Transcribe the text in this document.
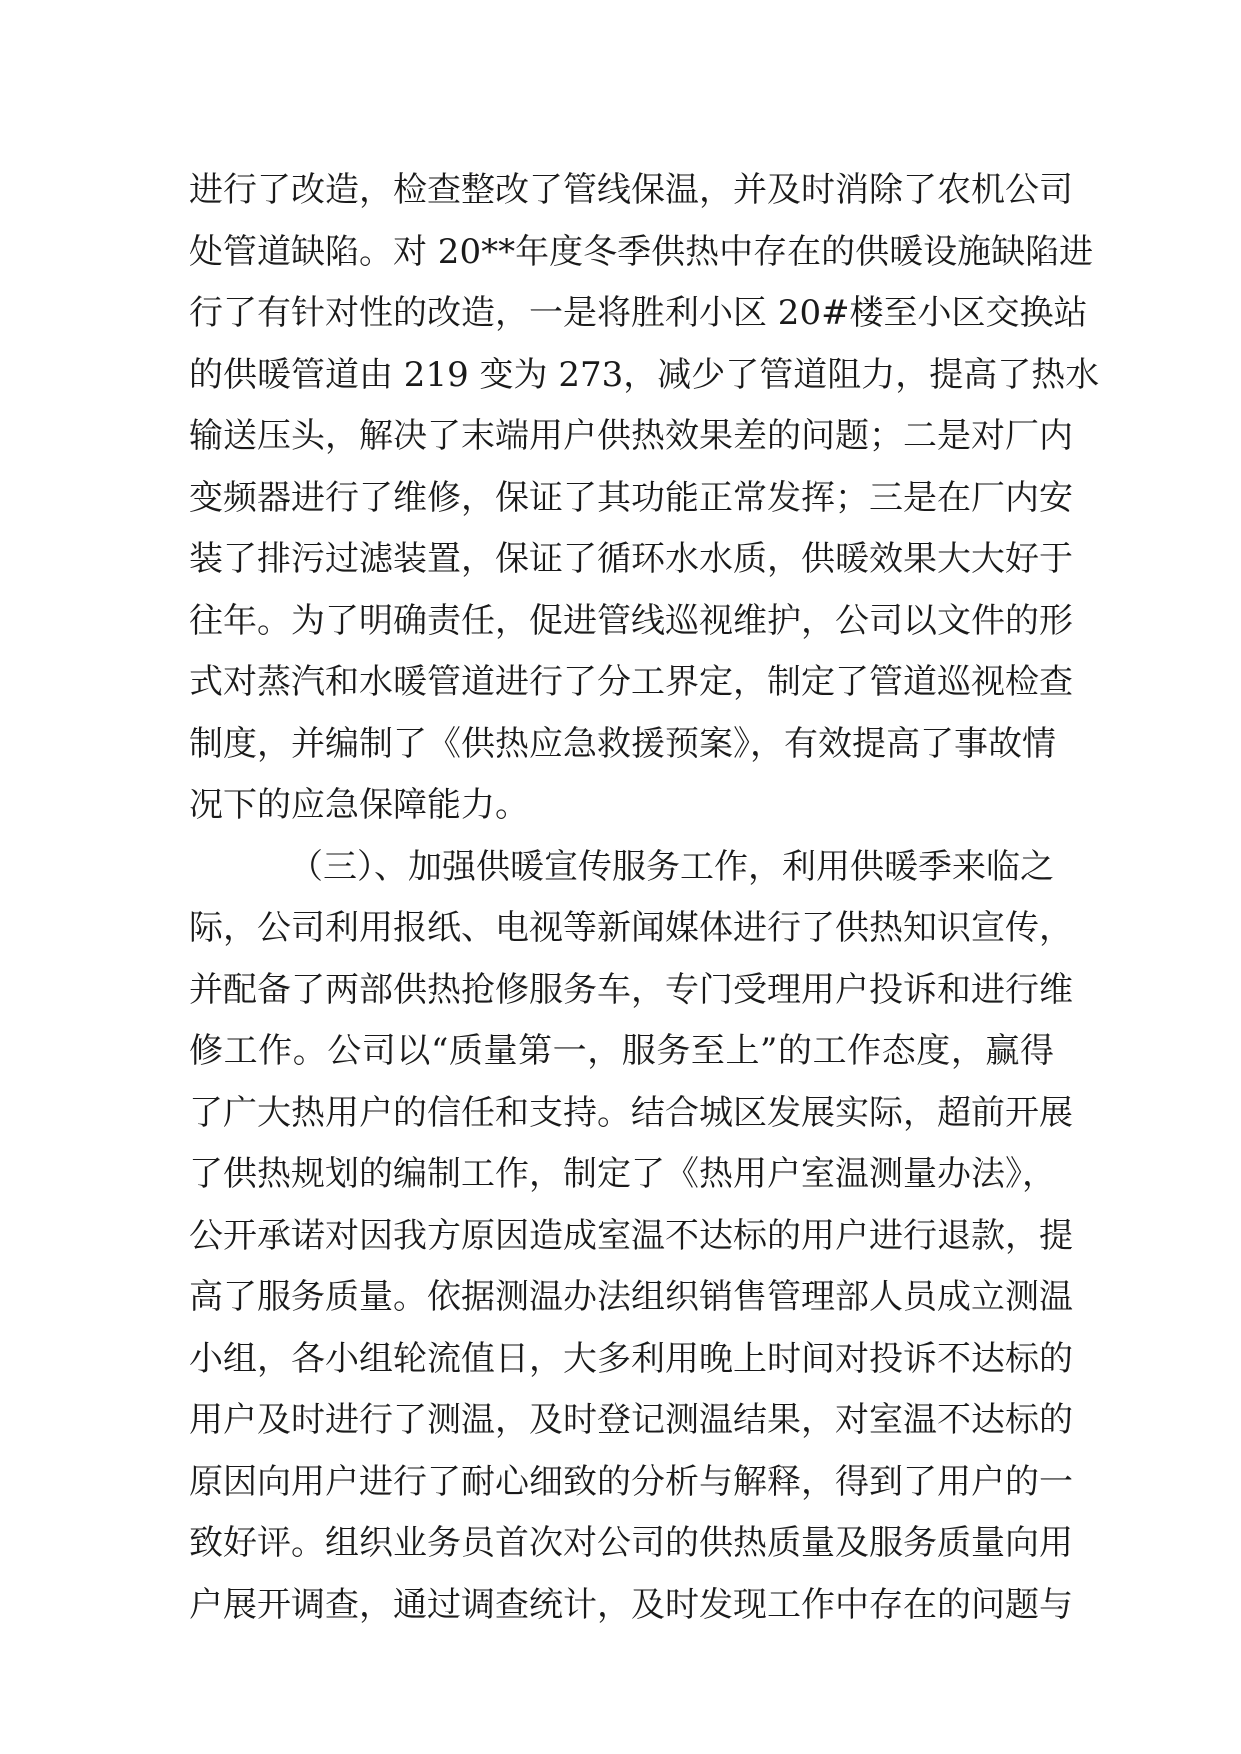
进行了改造，检查整改了管线保温，并及时消除了农机公司
处管道缺陷。对 20**年度冬季供热中存在的供暖设施缺陷进
行了有针对性的改造，一是将胜利小区 20#楼至小区交换站
的供暖管道由 219 变为 273，减少了管道阻力，提高了热水
输送压头，解决了末端用户供热效果差的问题；二是对厂内
变频器进行了维修，保证了其功能正常发挥；三是在厂内安
装了排污过滤装置，保证了循环水水质，供暖效果大大好于
往年。为了明确责任，促进管线巡视维护，公司以文件的形
式对蒸汽和水暖管道进行了分工界定，制定了管道巡视检查
制度，并编制了《供热应急救援预案》，有效提高了事故情
况下的应急保障能力。
（三）、加强供暖宣传服务工作，利用供暖季来临之
际，公司利用报纸、电视等新闻媒体进行了供热知识宣传，
并配备了两部供热抢修服务车，专门受理用户投诉和进行维
修工作。公司以“质量第一，服务至上”的工作态度，赢得
了广大热用户的信任和支持。结合城区发展实际，超前开展
了供热规划的编制工作，制定了《热用户室温测量办法》，
公开承诺对因我方原因造成室温不达标的用户进行退款，提
高了服务质量。依据测温办法组织销售管理部人员成立测温
小组，各小组轮流值日，大多利用晚上时间对投诉不达标的
用户及时进行了测温，及时登记测温结果，对室温不达标的
原因向用户进行了耐心细致的分析与解释，得到了用户的一
致好评。组织业务员首次对公司的供热质量及服务质量向用
户展开调查，通过调查统计，及时发现工作中存在的问题与
